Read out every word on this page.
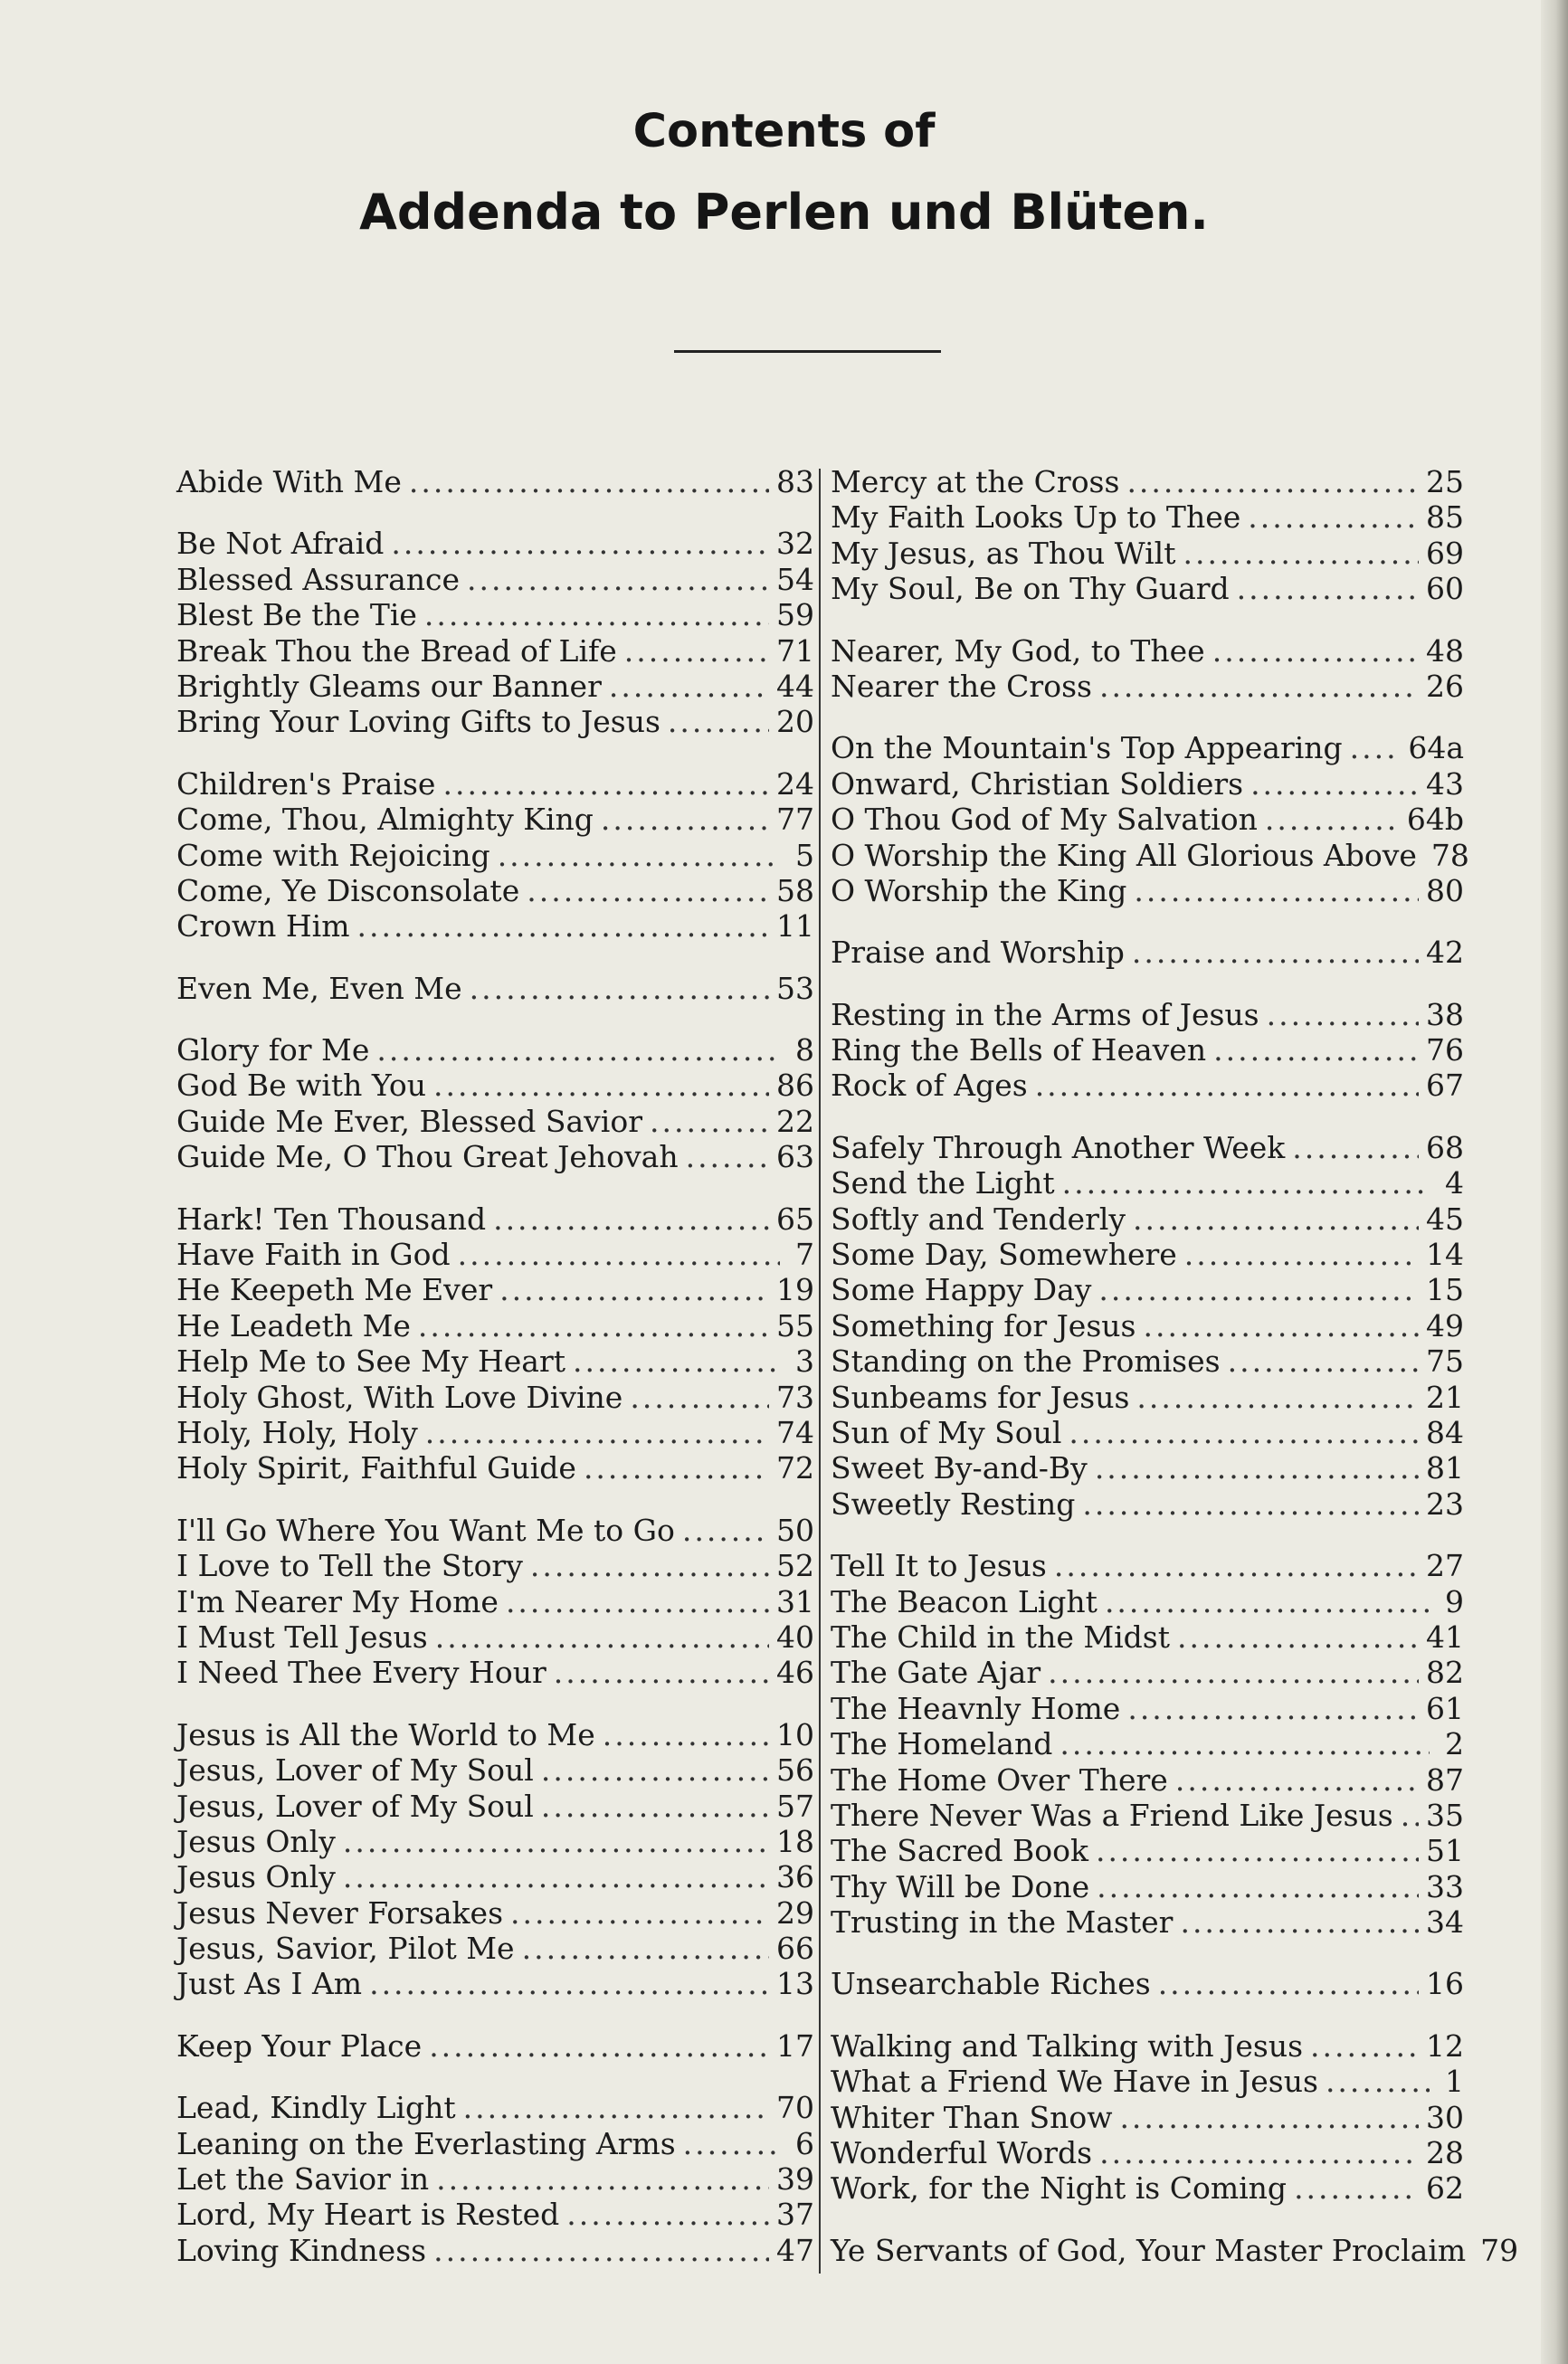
Contents of
Addenda to Perlen und Blüten.
Abide With Me .....	83
Be Not Afraid .....	32
Blessed Assurance .....	54
Blest Be the Tie .....	59
Break Thou the Bread of Life .....	71
Brightly Gleams our Banner .....	44
Bring Your Loving Gifts to Jesus .....	20
Children's Praise .....	24
Come, Thou, Almighty King .....	77
Come with Rejoicing .....	5
Come, Ye Disconsolate .....	58
Crown Him .....	11
Even Me, Even Me .....	53
Glory for Me .....	8
God Be with You .....	86
Guide Me Ever, Blessed Savior .....	22
Guide Me, O Thou Great Jehovah .....	63
Hark! Ten Thousand .....	65
Have Faith in God .....	7
He Keepeth Me Ever .....	19
He Leadeth Me .....	55
Help Me to See My Heart .....	3
Holy Ghost, With Love Divine .....	73
Holy, Holy, Holy .....	74
Holy Spirit, Faithful Guide .....	72
I'll Go Where You Want Me to Go .....	50
I Love to Tell the Story .....	52
I'm Nearer My Home .....	31
I Must Tell Jesus .....	40
I Need Thee Every Hour .....	46
Jesus is All the World to Me .....	10
Jesus, Lover of My Soul .....	56
Jesus, Lover of My Soul .....	57
Jesus Only .....	18
Jesus Only .....	36
Jesus Never Forsakes .....	29
Jesus, Savior, Pilot Me .....	66
Just As I Am .....	13
Keep Your Place .....	17
Lead, Kindly Light .....	70
Leaning on the Everlasting Arms .....	6
Let the Savior in .....	39
Lord, My Heart is Rested .....	37
Loving Kindness .....	47
Mercy at the Cross .....	25
My Faith Looks Up to Thee .....	85
My Jesus, as Thou Wilt .....	69
My Soul, Be on Thy Guard .....	60
Nearer, My God, to Thee .....	48
Nearer the Cross .....	26
On the Mountain's Top Appearing ..... 64a
Onward, Christian Soldiers .....	43
O Thou God of My Salvation .....	64b
O Worship the King All Glorious Above 78
O Worship the King .....	80
Praise and Worship .....	42
Resting in the Arms of Jesus .....	38
Ring the Bells of Heaven .....	76
Rock of Ages .....	67
Safely Through Another Week .....	68
Send the Light .....	4
Softly and Tenderly .....	45
Some Day, Somewhere .....	14
Some Happy Day .....	15
Something for Jesus .....	49
Standing on the Promises .....	75
Sunbeams for Jesus .....	21
Sun of My Soul .....	84
Sweet By-and-By .....	81
Sweetly Resting .....	23
Tell It to Jesus .....	27
The Beacon Light .....	9
The Child in the Midst .....	41
The Gate Ajar .....	82
The Heavnly Home .....	61
The Homeland .....	2
The Home Over There .....	87
There Never Was a Friend Like Jesus ..... 35
The Sacred Book .....	51
Thy Will be Done .....	33
Trusting in the Master .....	34
Unsearchable Riches .....	16
Walking and Talking with Jesus .....	12
What a Friend We Have in Jesus .....	1
Whiter Than Snow .....	30
Wonderful Words .....	28
Work, for the Night is Coming .....	62
Ye Servants of God, Your Master Proclaim 79
